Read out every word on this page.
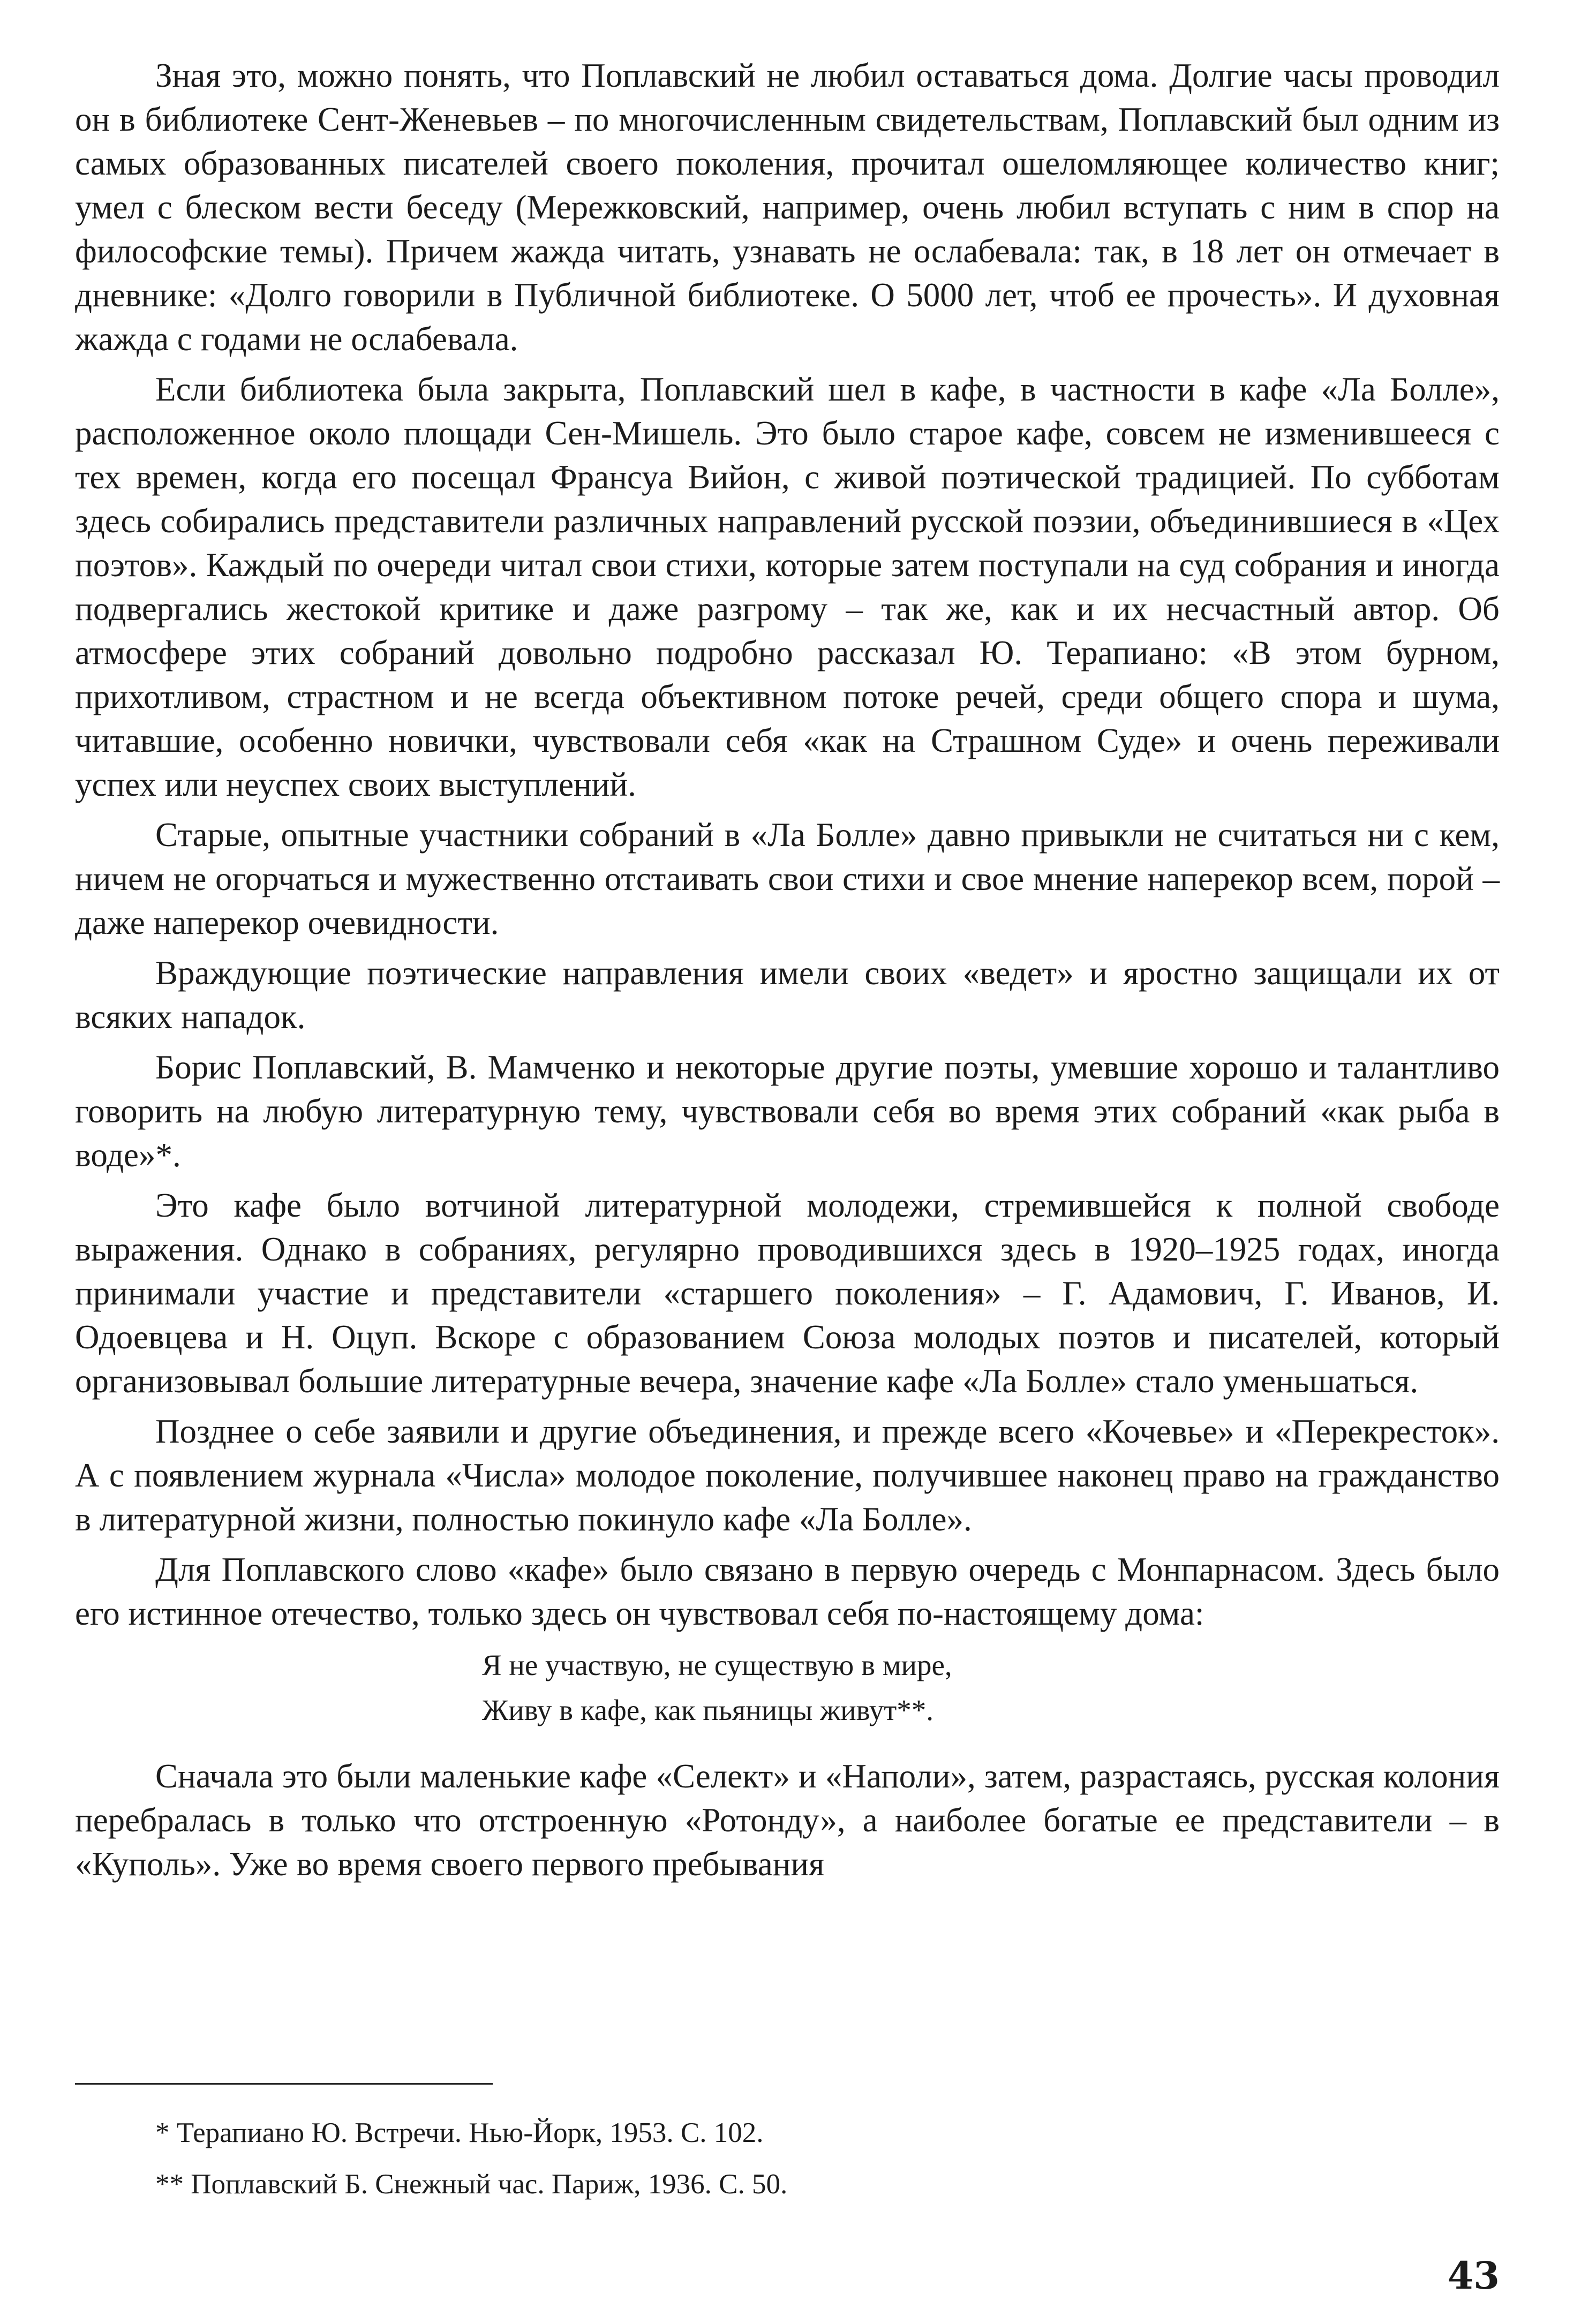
Зная это, можно понять, что Поплавский не любил оставаться дома. Долгие часы проводил он в библиотеке Сент-Женевьев – по многочисленным свидетельствам, Поплавский был одним из самых образованных писателей своего поколения, прочитал ошеломляющее количество книг; умел с блеском вести беседу (Мережковский, например, очень любил вступать с ним в спор на философские темы). Причем жажда читать, узнавать не ослабевала: так, в 18 лет он отмечает в дневнике: «Долго говорили в Публичной библиотеке. О 5000 лет, чтоб ее прочесть». И духовная жажда с годами не ослабевала.

Если библиотека была закрыта, Поплавский шел в кафе, в частности в кафе «Ла Болле», расположенное около площади Сен-Мишель. Это было старое кафе, совсем не изменившееся с тех времен, когда его посещал Франсуа Вийон, с живой поэтической традицией. По субботам здесь собирались представители различных направлений русской поэзии, объединившиеся в «Цех поэтов». Каждый по очереди читал свои стихи, которые затем поступали на суд собрания и иногда подвергались жестокой критике и даже разгрому – так же, как и их несчастный автор. Об атмосфере этих собраний довольно подробно рассказал Ю. Терапиано: «В этом бурном, прихотливом, страстном и не всегда объективном потоке речей, среди общего спора и шума, читавшие, особенно новички, чувствовали себя «как на Страшном Суде» и очень переживали успех или неуспех своих выступлений.

Старые, опытные участники собраний в «Ла Болле» давно привыкли не считаться ни с кем, ничем не огорчаться и мужественно отстаивать свои стихи и свое мнение наперекор всем, порой – даже наперекор очевидности.

Враждующие поэтические направления имели своих «ведет» и яростно защищали их от всяких нападок.

Борис Поплавский, В. Мамченко и некоторые другие поэты, умевшие хорошо и талантливо говорить на любую литературную тему, чувствовали себя во время этих собраний «как рыба в воде»*.

Это кафе было вотчиной литературной молодежи, стремившейся к полной свободе выражения. Однако в собраниях, регулярно проводившихся здесь в 1920–1925 годах, иногда принимали участие и представители «старшего поколения» – Г. Адамович, Г. Иванов, И. Одоевцева и Н. Оцуп. Вскоре с образованием Союза молодых поэтов и писателей, который организовывал большие литературные вечера, значение кафе «Ла Болле» стало уменьшаться.

Позднее о себе заявили и другие объединения, и прежде всего «Кочевье» и «Перекресток». А с появлением журнала «Числа» молодое поколение, получившее наконец право на гражданство в литературной жизни, полностью покинуло кафе «Ла Болле».

Для Поплавского слово «кафе» было связано в первую очередь с Монпарнасом. Здесь было его истинное отечество, только здесь он чувствовал себя по-настоящему дома:

Я не участвую, не существую в мире,
Живу в кафе, как пьяницы живут**.

Сначала это были маленькие кафе «Селект» и «Наполи», затем, разрастаясь, русская колония перебралась в только что отстроенную «Ротонду», а наиболее богатые ее представители – в «Куполь». Уже во время своего первого пребывания

* Терапиано Ю. Встречи. Нью-Йорк, 1953. С. 102.
** Поплавский Б. Снежный час. Париж, 1936. С. 50.
43
